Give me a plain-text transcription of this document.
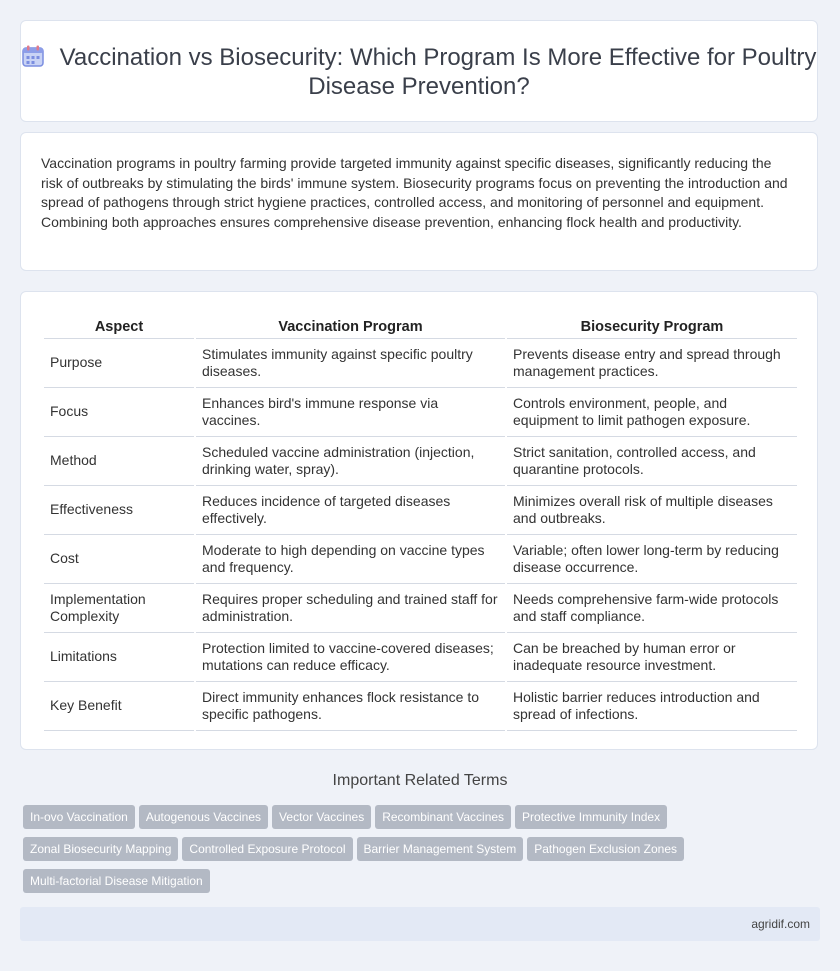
Vaccination vs Biosecurity: Which Program Is More Effective for Poultry Disease Prevention?
Vaccination programs in poultry farming provide targeted immunity against specific diseases, significantly reducing the risk of outbreaks by stimulating the birds' immune system. Biosecurity programs focus on preventing the introduction and spread of pathogens through strict hygiene practices, controlled access, and monitoring of personnel and equipment. Combining both approaches ensures comprehensive disease prevention, enhancing flock health and productivity.
Aspect	Vaccination Program	Biosecurity Program
Purpose	Stimulates immunity against specific poultry diseases.	Prevents disease entry and spread through management practices.
Focus	Enhances bird's immune response via vaccines.	Controls environment, people, and equipment to limit pathogen exposure.
Method	Scheduled vaccine administration (injection, drinking water, spray).	Strict sanitation, controlled access, and quarantine protocols.
Effectiveness	Reduces incidence of targeted diseases effectively.	Minimizes overall risk of multiple diseases and outbreaks.
Cost	Moderate to high depending on vaccine types and frequency.	Variable; often lower long-term by reducing disease occurrence.
Implementation Complexity	Requires proper scheduling and trained staff for administration.	Needs comprehensive farm-wide protocols and staff compliance.
Limitations	Protection limited to vaccine-covered diseases; mutations can reduce efficacy.	Can be breached by human error or inadequate resource investment.
Key Benefit	Direct immunity enhances flock resistance to specific pathogens.	Holistic barrier reduces introduction and spread of infections.
Important Related Terms
In-ovo Vaccination Autogenous Vaccines Vector Vaccines Recombinant Vaccines Protective Immunity IndexZonal Biosecurity Mapping Controlled Exposure Protocol Barrier Management System Pathogen Exclusion ZonesMulti-factorial Disease Mitigation
agridif.com
